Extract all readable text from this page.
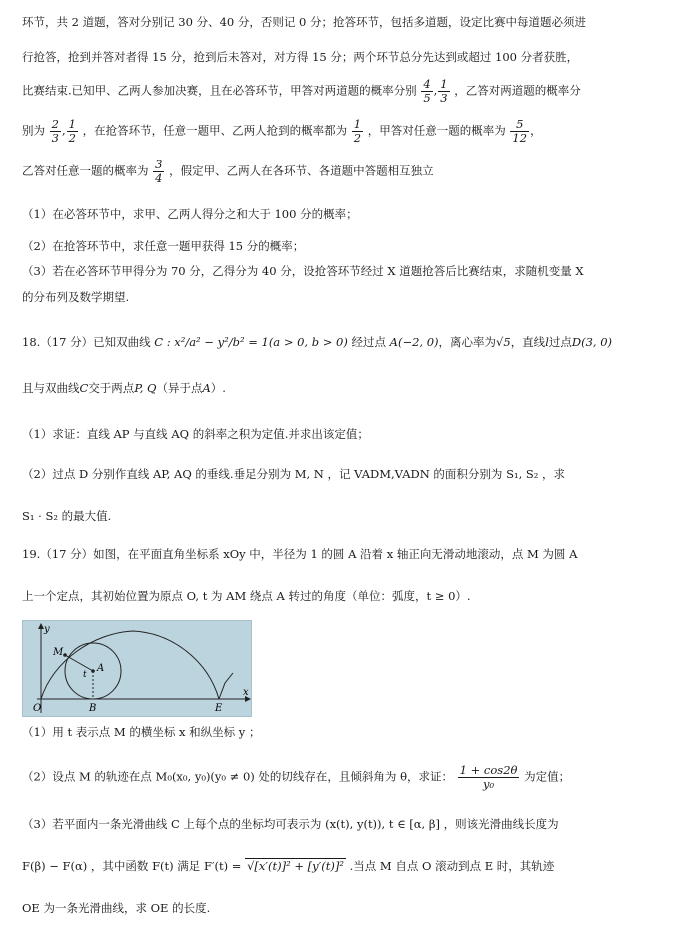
环节，共 2 道题，答对分别记 30 分、40 分，否则记 0 分；抢答环节，包括多道题，设定比赛中每道题必须进
行抢答，抢到并答对者得 15 分，抢到后未答对，对方得 15 分；两个环节总分先达到或超过 100 分者获胜，
比赛结束.已知甲、乙两人参加决赛，且在必答环节，甲答对两道题的概率分别 $\frac{4}{5}$ , $\frac{1}{3}$ ，乙答对两道题的概率分
别为 $\frac{2}{3}$ , $\frac{1}{2}$ ，在抢答环节，任意一题甲、乙两人抢到的概率都为 $\frac{1}{2}$ ，甲答对任意一题的概率为 $\frac{5}{12}$ ，
乙答对任意一题的概率为 $\frac{3}{4}$ ，假定甲、乙两人在各环节、各道题中答题相互独立
（1）在必答环节中，求甲、乙两人得分之和大于 100 分的概率；
（2）在抢答环节中，求任意一题甲获得 15 分的概率；
（3）若在必答环节甲得分为 70 分，乙得分为 40 分，设抢答环节经过 X 道题抢答后比赛结束，求随机变量 X
的分布列及数学期望.
18.（17 分）已知双曲线 C : x²/a² − y²/b² = 1(a > 0, b > 0) 经过点 A(−2, 0)，离心率为√5，直线l过点D(3, 0)
且与双曲线C交于两点P, Q（异于点A）.
（1）求证：直线 AP 与直线 AQ 的斜率之积为定值.并求出该定值；
（2）过点 D 分别作直线 AP, AQ 的垂线.垂足分别为 M, N ，记 VADM,VADN 的面积分别为 S₁, S₂ ，求
S₁ · S₂ 的最大值.
19.（17 分）如图，在平面直角坐标系 xOy 中，半径为 1 的圆 A 沿着 x 轴正向无滑动地滚动，点 M 为圆 A
上一个定点，其初始位置为原点 O, t 为 AM 绕点 A 转过的角度（单位：弧度，t ≥ 0）.
y
x
O	B	E
M
A
t
（1）用 t 表示点 M 的横坐标 x 和纵坐标 y ；
（2）设点 M 的轨迹在点 M₀(x₀, y₀)(y₀ ≠ 0) 处的切线存在，且倾斜角为 θ，求证： $\frac{1 + \cos 2\theta}{\text{y₀}}$ 为定值；
（3）若平面内一条光滑曲线 C 上每个点的坐标均可表示为 (x(t), y(t)), t ∈ [α, β] ，则该光滑曲线长度为
F(β) − F(α) ，其中函数 F(t) 满足 F′(t) = √[x′(t)]² + [y′(t)]² .当点 M 自点 O 滚动到点 E 时，其轨迹
OE 为一条光滑曲线，求 OE 的长度.
